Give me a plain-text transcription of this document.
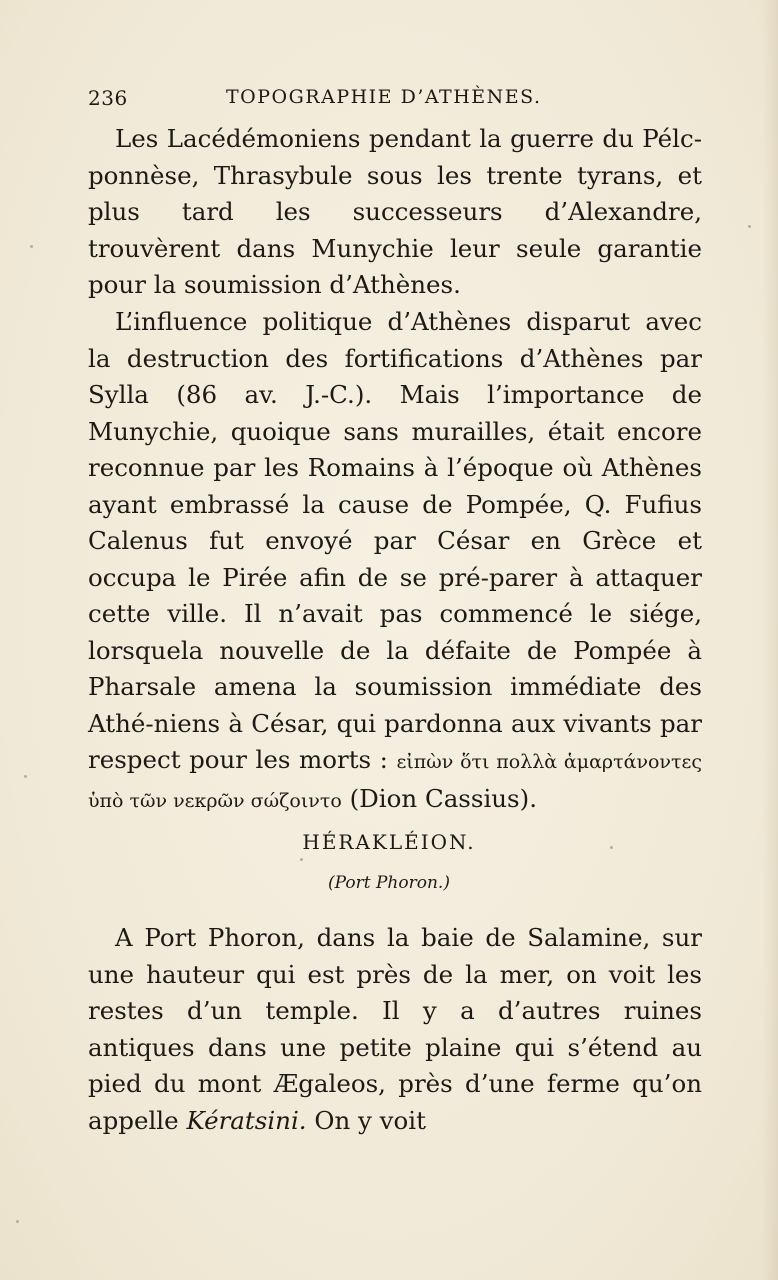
236	TOPOGRAPHIE D’ATHÈNES.

Les Lacédémoniens pendant la guerre du Pélc-ponnèse, Thrasybule sous les trente tyrans, et plus tard les successeurs d’Alexandre, trouvèrent dans Munychie leur seule garantie pour la soumission d’Athènes.

L’influence politique d’Athènes disparut avec la destruction des fortifications d’Athènes par Sylla (86 av. J.-C.). Mais l’importance de Munychie, quoique sans murailles, était encore reconnue par les Romains à l’époque où Athènes ayant embrassé la cause de Pompée, Q. Fufius Calenus fut envoyé par César en Grèce et occupa le Pirée afin de se pré-parer à attaquer cette ville. Il n’avait pas commencé le siége, lorsquela nouvelle de la défaite de Pompée à Pharsale amena la soumission immédiate des Athé-niens à César, qui pardonna aux vivants par respect pour les morts : εἰπὼν ὅτι πολλὰ ἁμαρτάνοντες ὑπὸ τῶν νεκρῶν σώζοιντο (Dion Cassius).

HÉRAKLÉION.
(Port Phoron.)

A Port Phoron, dans la baie de Salamine, sur une hauteur qui est près de la mer, on voit les restes d’un temple. Il y a d’autres ruines antiques dans une petite plaine qui s’étend au pied du mont Ægaleos, près d’une ferme qu’on appelle Kératsini. On y voit
